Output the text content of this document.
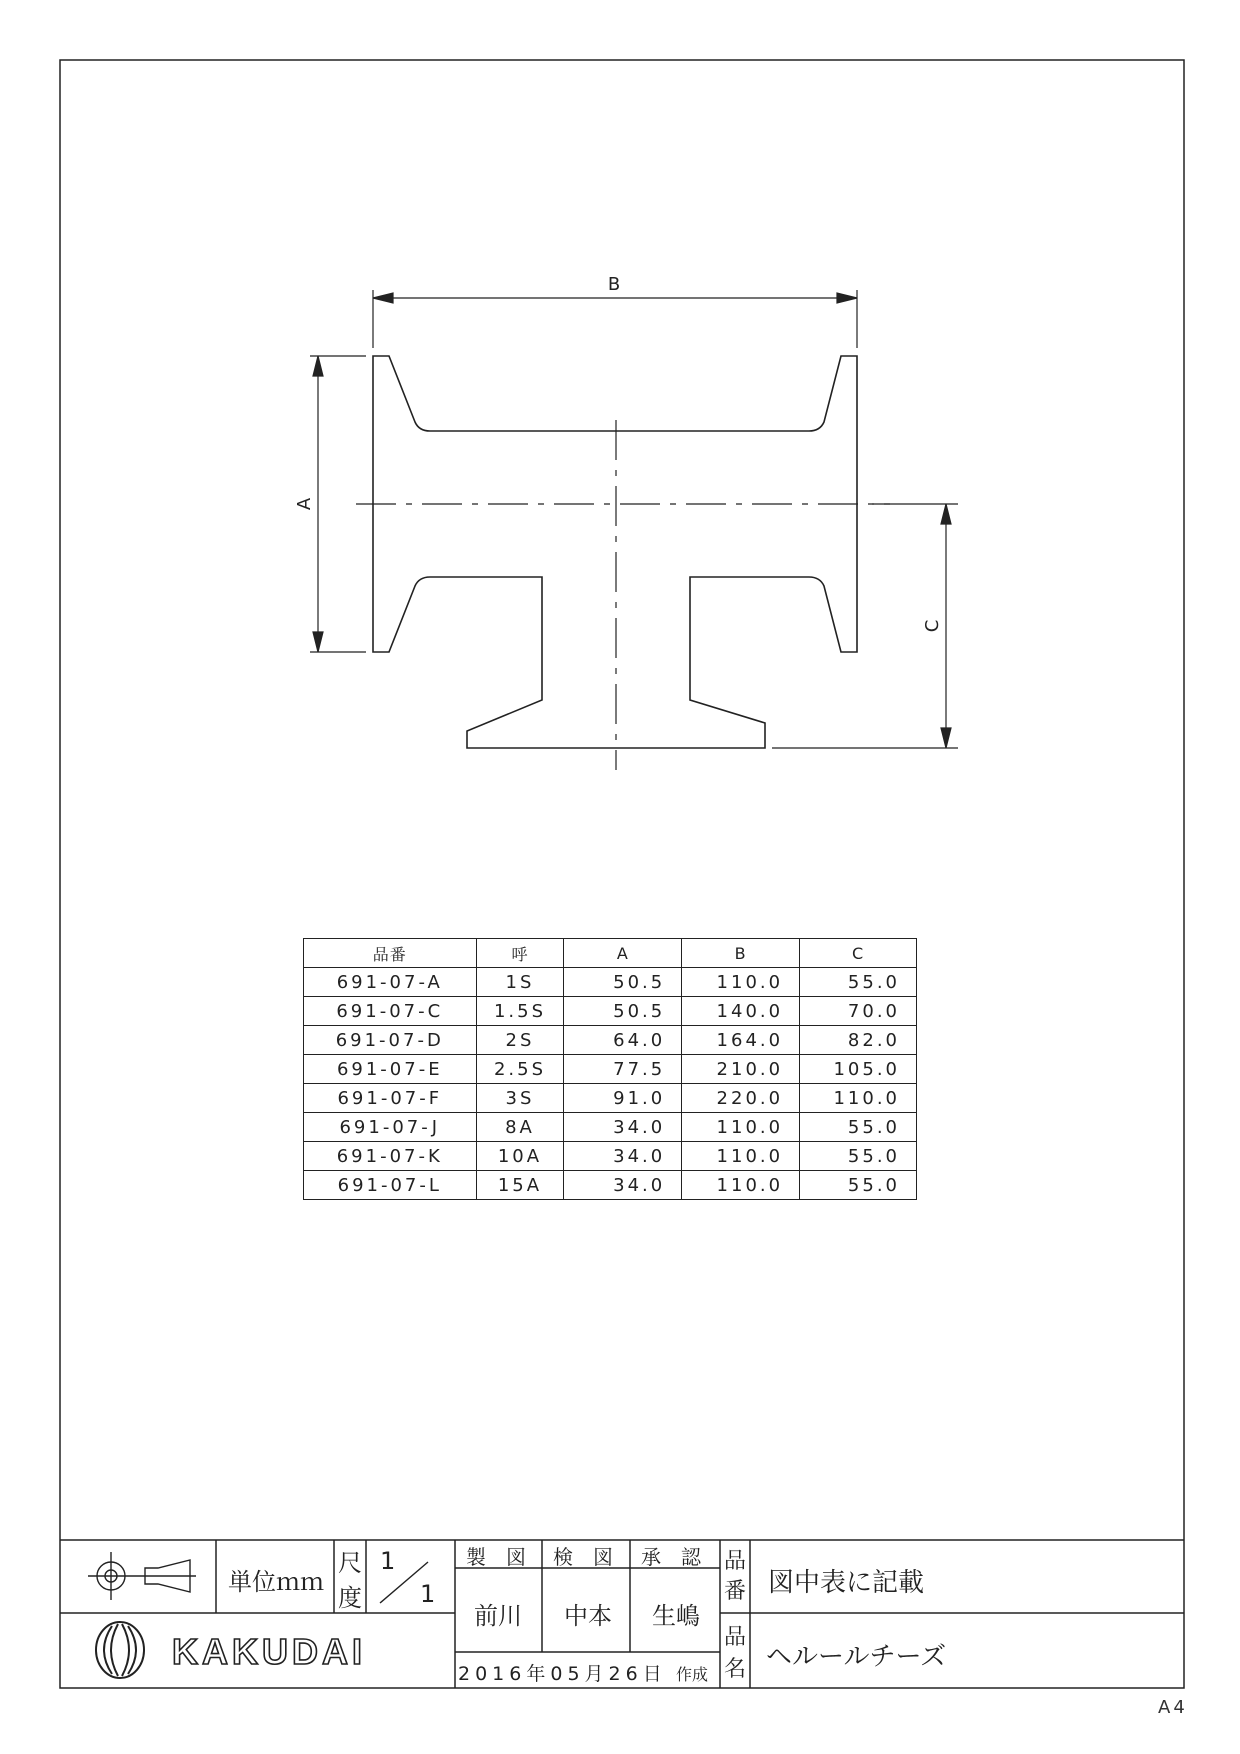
B
A
C
KAKUDAI
品番	呼	A	B	C
691-07-A	1S	50.5	110.0	55.0
691-07-C	1.5S	50.5	140.0	70.0
691-07-D	2S	64.0	164.0	82.0
691-07-E	2.5S	77.5	210.0	105.0
691-07-F	3S	91.0	220.0	110.0
691-07-J	8A	34.0	110.0	55.0
691-07-K	10A	34.0	110.0	55.0
691-07-L	15A	34.0	110.0	55.0
単位ｍｍ
尺
度
1
1
製　図 検　図 承　認
前川 中本 生嶋
2016年05月26日 作成
品
番 図中表に記載
品
名 ヘルールチーズ
A4
